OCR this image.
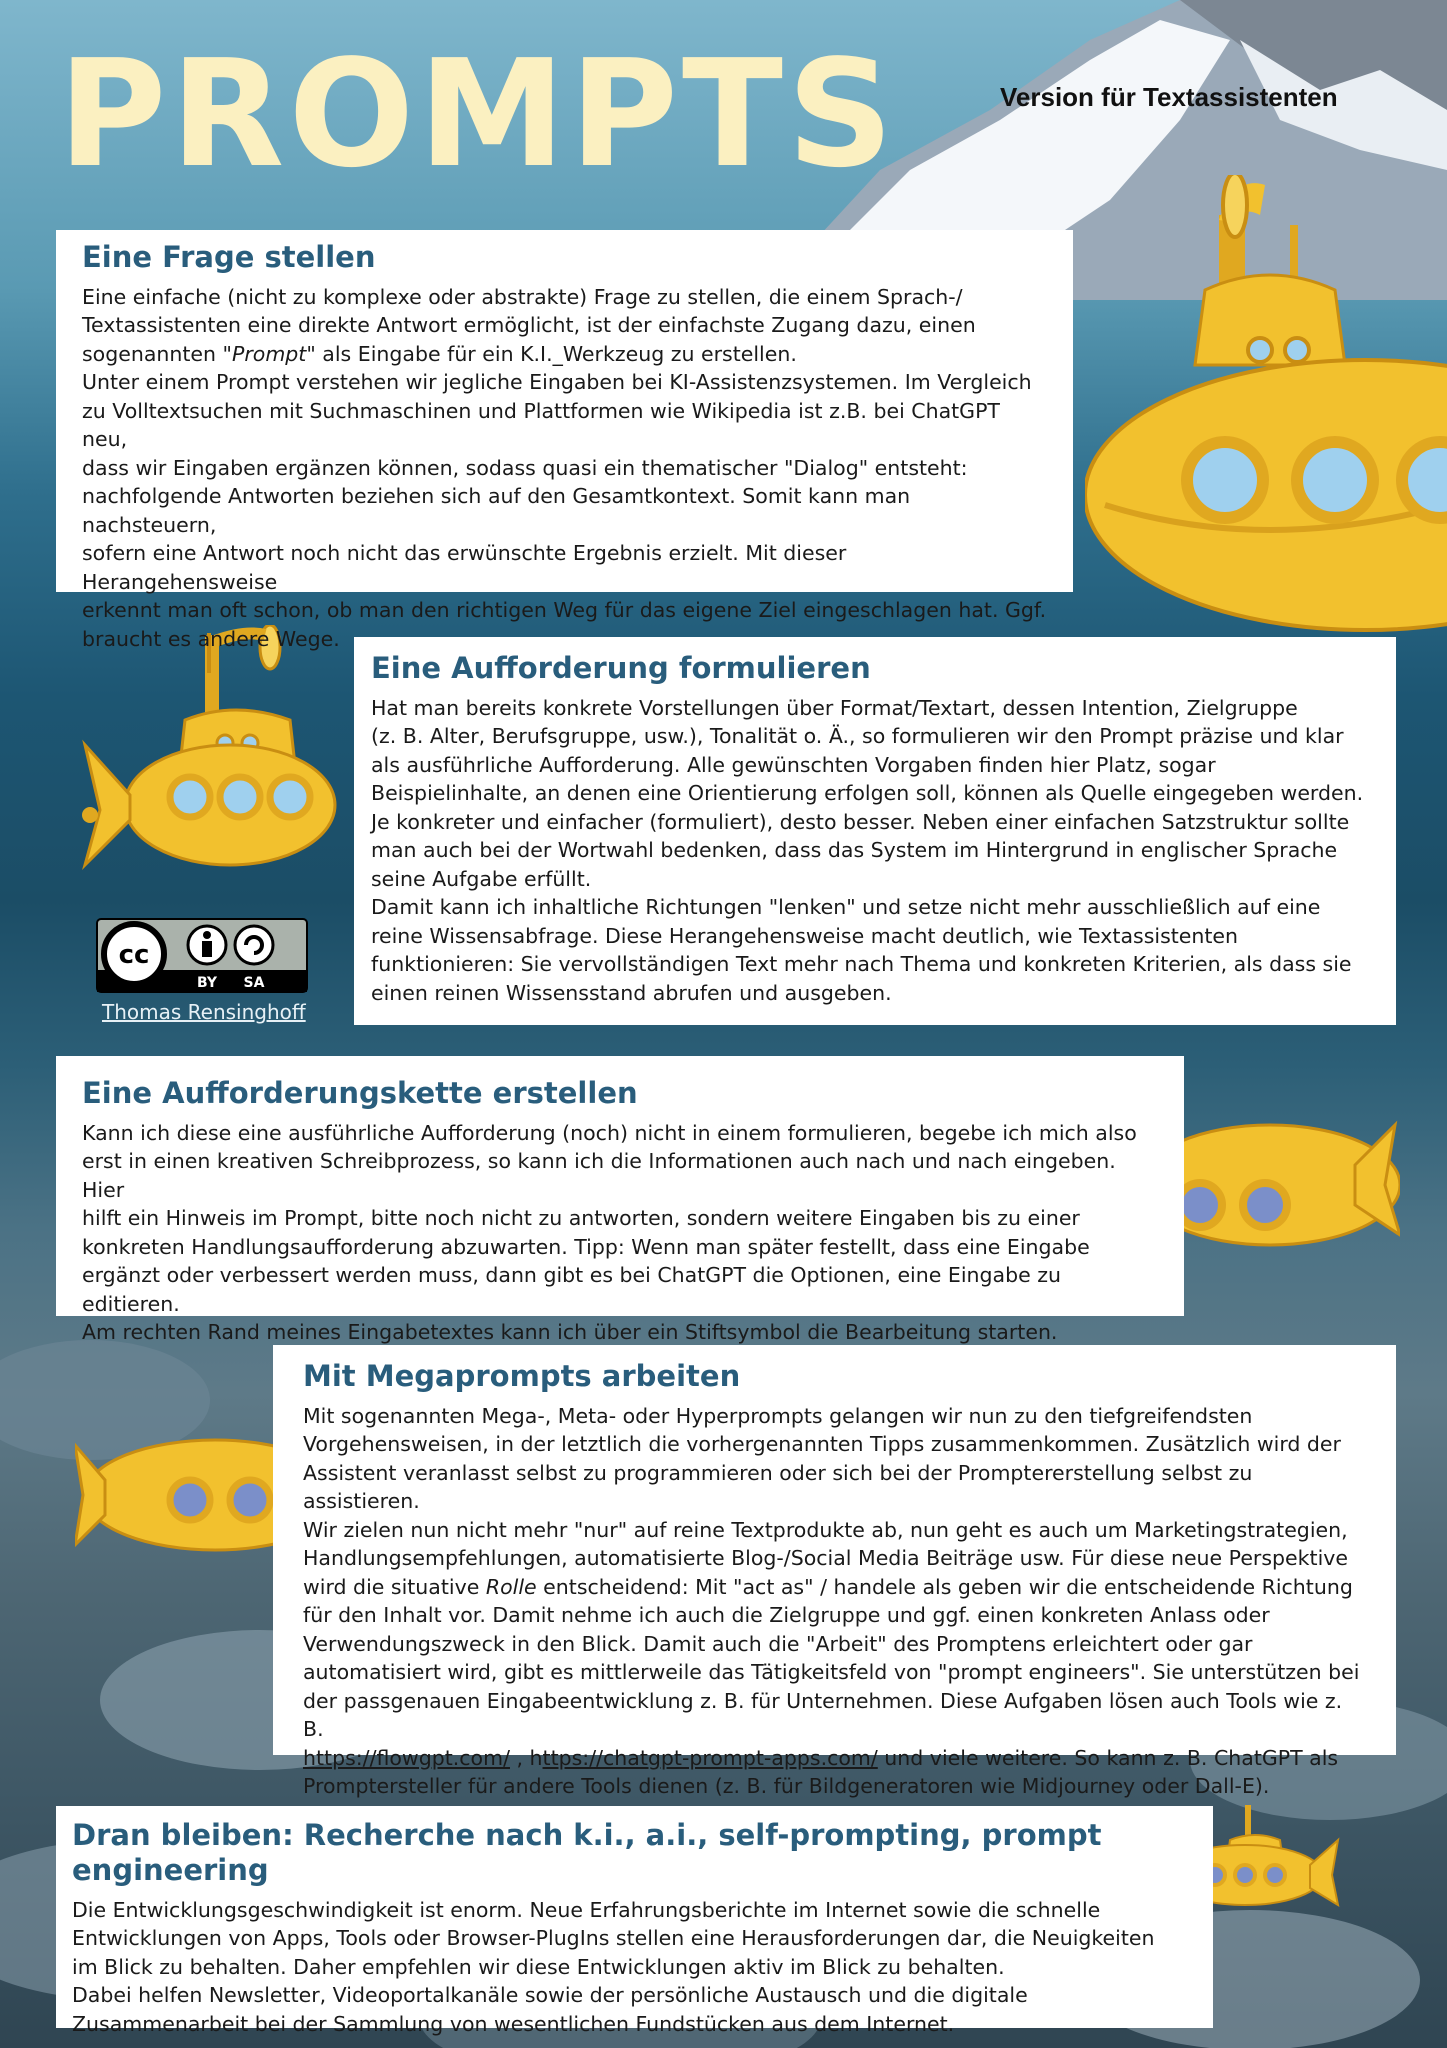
PROMPTS	Version für Textassistenten

Eine Frage stellen

Eine einfache (nicht zu komplexe oder abstrakte) Frage zu stellen, die einem Sprach-/
Textassistenten eine direkte Antwort ermöglicht, ist der einfachste Zugang dazu, einen
sogenannten "Prompt" als Eingabe für ein K.I._Werkzeug zu erstellen.
Unter einem Prompt verstehen wir jegliche Eingaben bei KI-Assistenzsystemen. Im Vergleich
zu Volltextsuchen mit Suchmaschinen und Plattformen wie Wikipedia ist z.B. bei ChatGPT neu,
dass wir Eingaben ergänzen können, sodass quasi ein thematischer "Dialog" entsteht:
nachfolgende Antworten beziehen sich auf den Gesamtkontext. Somit kann man nachsteuern,
sofern eine Antwort noch nicht das erwünschte Ergebnis erzielt. Mit dieser Herangehensweise
erkennt man oft schon, ob man den richtigen Weg für das eigene Ziel eingeschlagen hat. Ggf.
braucht es andere Wege.

Eine Aufforderung formulieren

Hat man bereits konkrete Vorstellungen über Format/Textart, dessen Intention, Zielgruppe
(z. B. Alter, Berufsgruppe, usw.), Tonalität o. Ä., so formulieren wir den Prompt präzise und klar
als ausführliche Aufforderung. Alle gewünschten Vorgaben finden hier Platz, sogar
Beispielinhalte, an denen eine Orientierung erfolgen soll, können als Quelle eingegeben werden.
Je konkreter und einfacher (formuliert), desto besser. Neben einer einfachen Satzstruktur sollte
man auch bei der Wortwahl bedenken, dass das System im Hintergrund in englischer Sprache
seine Aufgabe erfüllt.
Damit kann ich inhaltliche Richtungen "lenken" und setze nicht mehr ausschließlich auf eine
reine Wissensabfrage. Diese Herangehensweise macht deutlich, wie Textassistenten
funktionieren: Sie vervollständigen Text mehr nach Thema und konkreten Kriterien, als dass sie
einen reinen Wissensstand abrufen und ausgeben.

cc
BY SA
Thomas Rensinghoff
Eine Aufforderungskette erstellen

Kann ich diese eine ausführliche Aufforderung (noch) nicht in einem formulieren, begebe ich mich also
erst in einen kreativen Schreibprozess, so kann ich die Informationen auch nach und nach eingeben. Hier
hilft ein Hinweis im Prompt, bitte noch nicht zu antworten, sondern weitere Eingaben bis zu einer
konkreten Handlungsaufforderung abzuwarten. Tipp: Wenn man später festellt, dass eine Eingabe
ergänzt oder verbessert werden muss, dann gibt es bei ChatGPT die Optionen, eine Eingabe zu editieren.
Am rechten Rand meines Eingabetextes kann ich über ein Stiftsymbol die Bearbeitung starten.

Mit Megaprompts arbeiten

Mit sogenannten Mega-, Meta- oder Hyperprompts gelangen wir nun zu den tiefgreifendsten
Vorgehensweisen, in der letztlich die vorhergenannten Tipps zusammenkommen. Zusätzlich wird der
Assistent veranlasst selbst zu programmieren oder sich bei der Promptererstellung selbst zu assistieren.
Wir zielen nun nicht mehr "nur" auf reine Textprodukte ab, nun geht es auch um Marketingstrategien,
Handlungsempfehlungen, automatisierte Blog-/Social Media Beiträge usw. Für diese neue Perspektive
wird die situative Rolle entscheidend: Mit "act as" / handele als geben wir die entscheidende Richtung
für den Inhalt vor. Damit nehme ich auch die Zielgruppe und ggf. einen konkreten Anlass oder
Verwendungszweck in den Blick. Damit auch die "Arbeit" des Promptens erleichtert oder gar
automatisiert wird, gibt es mittlerweile das Tätigkeitsfeld von "prompt engineers". Sie unterstützen bei
der passgenauen Eingabeentwicklung z. B. für Unternehmen. Diese Aufgaben lösen auch Tools wie z. B.
https://flowgpt.com/ , https://chatgpt-prompt-apps.com/ und viele weitere. So kann z. B. ChatGPT als
Promptersteller für andere Tools dienen (z. B. für Bildgeneratoren wie Midjourney oder Dall-E).

Dran bleiben: Recherche nach k.i., a.i., self-prompting, prompt engineering

Die Entwicklungsgeschwindigkeit ist enorm. Neue Erfahrungsberichte im Internet sowie die schnelle
Entwicklungen von Apps, Tools oder Browser-PlugIns stellen eine Herausforderungen dar, die Neuigkeiten
im Blick zu behalten. Daher empfehlen wir diese Entwicklungen aktiv im Blick zu behalten.
Dabei helfen Newsletter, Videoportalkanäle sowie der persönliche Austausch und die digitale
Zusammenarbeit bei der Sammlung von wesentlichen Fundstücken aus dem Internet.
